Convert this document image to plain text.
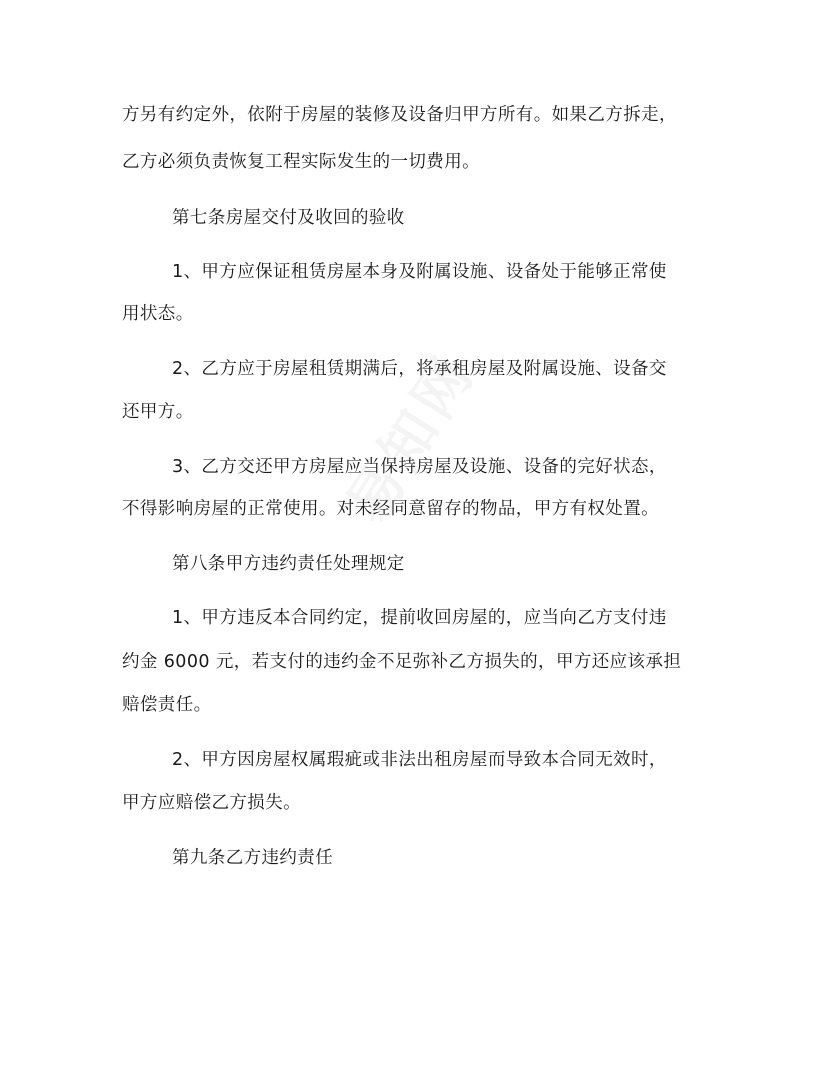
方另有约定外，依附于房屋的装修及设备归甲方所有。如果乙方拆走，
乙方必须负责恢复工程实际发生的一切费用。
第七条房屋交付及收回的验收
1、甲方应保证租赁房屋本身及附属设施、设备处于能够正常使
用状态。
2、乙方应于房屋租赁期满后，将承租房屋及附属设施、设备交
还甲方。
3、乙方交还甲方房屋应当保持房屋及设施、设备的完好状态，
不得影响房屋的正常使用。对未经同意留存的物品，甲方有权处置。
第八条甲方违约责任处理规定
1、甲方违反本合同约定，提前收回房屋的，应当向乙方支付违
约金 6000 元，若支付的违约金不足弥补乙方损失的，甲方还应该承担
赔偿责任。
2、甲方因房屋权属瑕疵或非法出租房屋而导致本合同无效时，
甲方应赔偿乙方损失。
第九条乙方违约责任
